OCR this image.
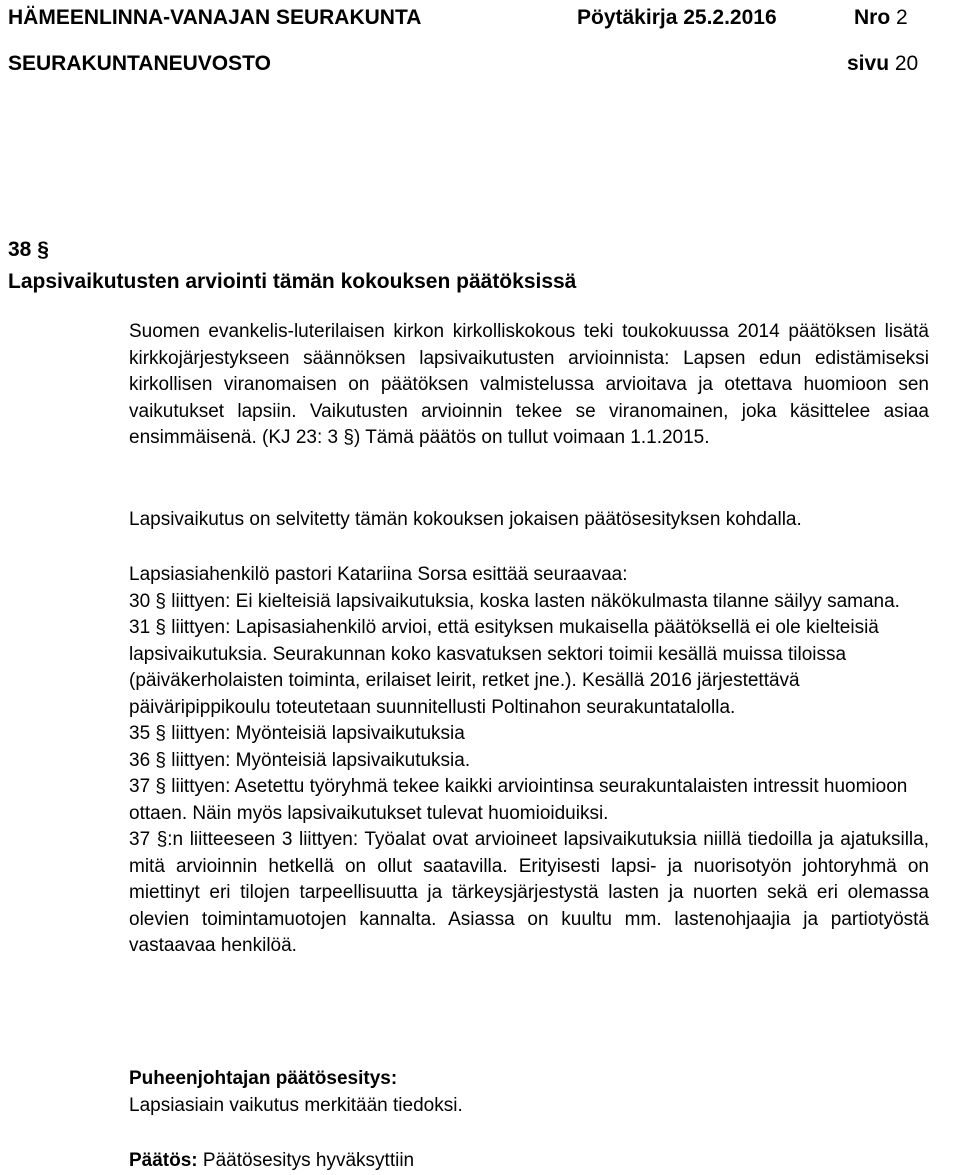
HÄMEENLINNA-VANAJAN SEURAKUNTA	Pöytäkirja 25.2.2016	Nro 2
SEURAKUNTANEUVOSTO	sivu 20
38 §
Lapsivaikutusten arviointi tämän kokouksen päätöksissä

Suomen evankelis-luterilaisen kirkon kirkolliskokous teki toukokuussa 2014 päätöksen lisätä kirkkojärjestykseen säännöksen lapsivaikutusten arvioinnista: Lapsen edun edistämiseksi kirkollisen viranomaisen on päätöksen valmistelussa arvioitava ja otettava huomioon sen vaikutukset lapsiin. Vaikutusten arvioinnin tekee se viranomainen, joka käsittelee asiaa ensimmäisenä. (KJ 23: 3 §) Tämä päätös on tullut voimaan 1.1.2015.

Lapsivaikutus on selvitetty tämän kokouksen jokaisen päätösesityksen kohdalla.

Lapsiasiahenkilö pastori Katariina Sorsa esittää seuraavaa:

30 § liittyen: Ei kielteisiä lapsivaikutuksia, koska lasten näkökulmasta tilanne säilyy samana.

31 § liittyen: Lapisasiahenkilö arvioi, että esityksen mukaisella päätöksellä ei ole kielteisiä lapsivaikutuksia. Seurakunnan koko kasvatuksen sektori toimii kesällä muissa tiloissa (päiväkerholaisten toiminta, erilaiset leirit, retket jne.). Kesällä 2016 järjestettävä päiväripippikoulu toteutetaan suunnitellusti Poltinahon seurakuntatalolla.

35 § liittyen: Myönteisiä lapsivaikutuksia

36 § liittyen: Myönteisiä lapsivaikutuksia.

37 § liittyen: Asetettu työryhmä tekee kaikki arviointinsa seurakuntalaisten intressit huomioon ottaen. Näin myös lapsivaikutukset tulevat huomioiduiksi.

37 §:n liitteeseen 3 liittyen: Työalat ovat arvioineet lapsivaikutuksia niillä tiedoilla ja ajatuksilla, mitä arvioinnin hetkellä on ollut saatavilla. Erityisesti lapsi- ja nuorisotyön johtoryhmä on miettinyt eri tilojen tarpeellisuutta ja tärkeysjärjestystä lasten ja nuorten sekä eri olemassa olevien toimintamuotojen kannalta. Asiassa on kuultu mm. lastenohjaajia ja partiotyöstä vastaavaa henkilöä.

Puheenjohtajan päätösesitys:

Lapsiasiain vaikutus merkitään tiedoksi.

Päätös: Päätösesitys hyväksyttiin
